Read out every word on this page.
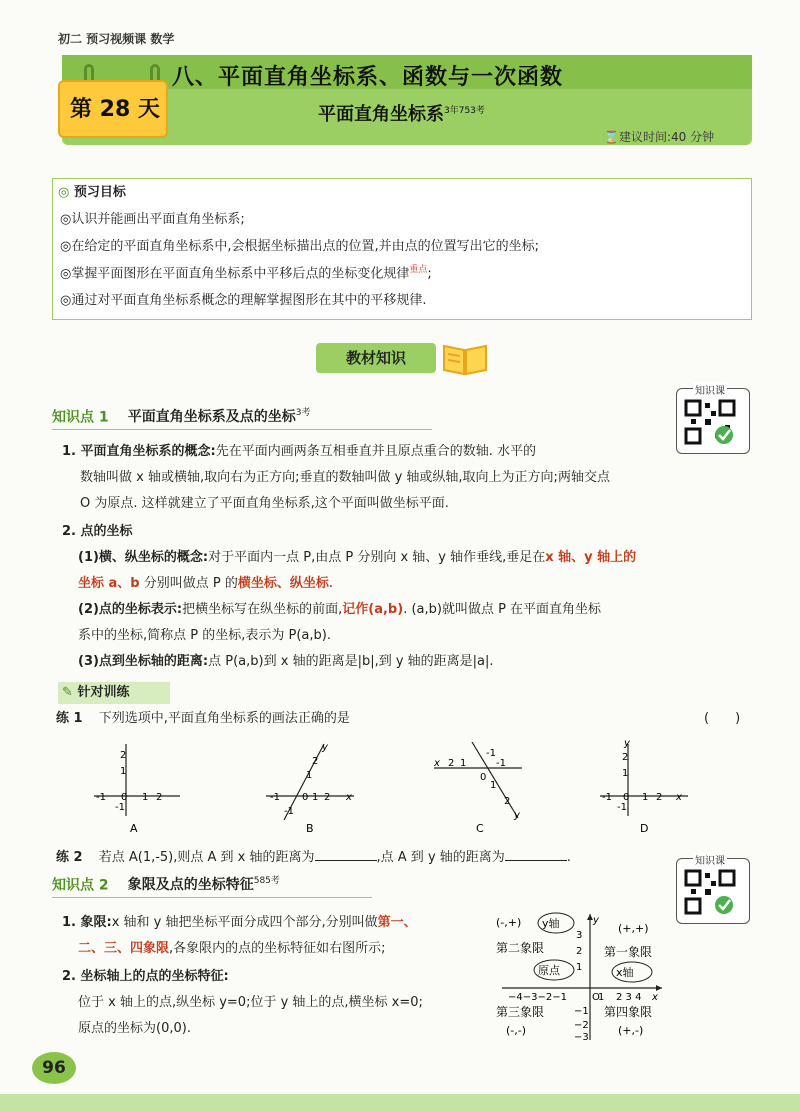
初二 预习视频课 数学
第 28 天
八、平面直角坐标系、函数与一次函数
平面直角坐标系$^{3年753考}$
⌛建议时间:40 分钟
◎ 预习目标
◎认识并能画出平面直角坐标系;
◎在给定的平面直角坐标系中,会根据坐标描出点的位置,并由点的位置写出它的坐标;
◎掌握平面图形在平面直角坐标系中平移后点的坐标变化规律$^{重点}$;
◎通过对平面直角坐标系概念的理解掌握图形在其中的平移规律.
教材知识
知识课
知识点 1 平面直角坐标系及点的坐标$^{3考}$
1. 平面直角坐标系的概念:先在平面内画两条互相垂直并且原点重合的数轴. 水平的
数轴叫做 x 轴或横轴,取向右为正方向;垂直的数轴叫做 y 轴或纵轴,取向上为正方向;两轴交点
O 为原点. 这样就建立了平面直角坐标系,这个平面叫做坐标平面.
2. 点的坐标
(1)横、纵坐标的概念:对于平面内一点 P,由点 P 分别向 x 轴、y 轴作垂线,垂足在x 轴、y 轴上的
坐标 a、b 分别叫做点 P 的横坐标、纵坐标.
(2)点的坐标表示:把横坐标写在纵坐标的前面,记作(a,b). (a,b)就叫做点 P 在平面直角坐标
系中的坐标,简称点 P 的坐标,表示为 P(a,b).
(3)点到坐标轴的距离:点 P(a,b)到 x 轴的距离是|b|,到 y 轴的距离是|a|.
✎ 针对训练
练 1 下列选项中,平面直角坐标系的画法正确的是	(　　)
2
1
-1 0 1 2
-1
A
y
2
1
-1 0 1 2 x
-1
B
x 2 1
-1
-1
0
1
2
y
C
y
2
1
-1 0 1 2 x
-1
D
练 2 若点 A(1,-5),则点 A 到 x 轴的距离为	,点 A 到 y 轴的距离为	.	知识课
知识点 2 象限及点的坐标特征$^{585考}$
1. 象限:x 轴和 y 轴把坐标平面分成四个部分,分别叫做第一、
二、三、四象限,各象限内的点的坐标特征如右图所示;
2. 坐标轴上的点的坐标特征:
位于 x 轴上的点,纵坐标 y=0;位于 y 轴上的点,横坐标 x=0;
原点的坐标为(0,0).
y
3
2
1
−4−3−2−1	O
1 2 3 4 x
−1
−2
−3
(-,+) y轴	(+,+)
第二象限	第一象限
原点	x轴
第三象限	第四象限
(-,-)	(+,-)
96
